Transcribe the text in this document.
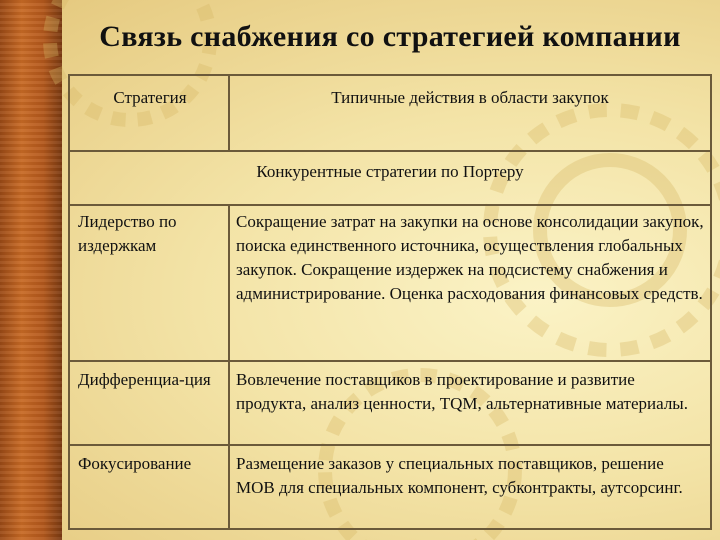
Связь снабжения со стратегией компании
Стратегия	Типичные действия в области закупок
Конкурентные стратегии по Портеру	
Лидерство по издержкам	Сокращение затрат на закупки на основе консолидации закупок, поиска единственного источника, осуществления глобальных закупок. Сокращение издержек на подсистему снабжения и администрирование. Оценка расходования финансовых средств.
Дифференциа-ция	Вовлечение поставщиков в проектирование и развитие продукта, анализ ценности, TQM, альтернативные материалы.
Фокусирование	Размещение заказов у специальных поставщиков, решение МОВ для специальных компонент, субконтракты, аутсорсинг.
